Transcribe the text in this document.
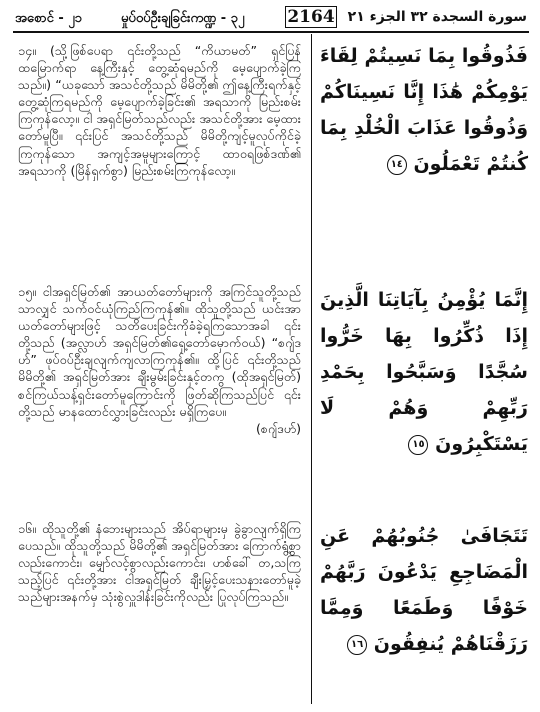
အစောင် - ၂၁	မှုပ်ဝပ်ဦးချခြင်းကဏ္ဍ - ၃၂	2164 سورة السجدة ٣٢ الجزء ٢١

၁၄။ (သို့ဖြစ်ပေရာ ၎င်းတို့သည် “ကိယာမတ်” ရှင်ပြန်ထမြောက်ရာ နေ့ကြီးနှင့် တွေ့ဆုံရမည်ကို မေ့ပျောက်ခဲ့ကြသည်။) “ယခုသော် အသင်တို့သည် မိမိတို့၏ ဤနေ့ကြီးရက်နှင့် တွေ့ဆုံကြရမည်ကို မေ့ပျောက်ခဲ့ခြင်း၏ အရသာကို မြည်းစမ်းကြကုန်လော့။ ငါ အရှင်မြတ်သည်လည်း အသင်တို့အား မေ့ထားတော်မူပြီ။ ၎င်းပြင် အသင်တို့သည် မိမိတို့ကျင့်မူလုပ်ကိုင်ခဲ့ကြကုန်သော အကျင့်အမူများကြောင့် ထာဝရဖြစ်ဒဏ်၏ အရသာကို (မြိန်ရှက်စွာ) မြည်းစမ်းကြကုန်လော့။

၁၅။ ငါအရှင်မြတ်၏ အာယတ်တော်များကို အကြင်သူတို့သည်သာလျှင် သက်ဝင်ယုံကြည်ကြကုန်၏။ ထိုသူတို့သည် ယင်းအာယတ်တော်များဖြင့် သတိပေးခြင်းကိုခံခဲ့ရကြသောအခါ ၎င်းတို့သည် (အလ္လာဟ် အရှင်မြတ်၏ရှေ့တော်မှောက်ဝယ်) “စဂျ်ဒဟ်” ဖုပ်ဝပ်ဦးချလျက်ကျလာကြကုန်၏။ ထို့ပြင် ၎င်းတို့သည် မိမိတို့၏ အရှင်မြတ်အား ချီးမွမ်းခြင်းနှင့်တကွ (ထိုအရှင်မြတ်) စင်ကြယ်သန့်ရှင်းတော်မူကြောင်းကို ဖြတ်ဆိုကြသည်ပြင် ၎င်းတို့သည် မာနထောင်လွှားခြင်းလည်း မရှိကြပေ။

(စဂျ်ဒဟ်)

၁၆။ ထိုသူတို့၏ နံဘေးများသည် အိပ်ရာများမှ ခွဲခွာလျက်ရှိကြပေသည်။ ထိုသူတို့သည် မိမိတို့၏ အရှင်မြတ်အား ကြောက်ရွံ့စွာလည်းကောင်း၊ မျှော်လင့်စွာလည်းကောင်း၊ ဟစ်ခေါ် တ,သကြသည့်ပြင် ၎င်းတို့အား ငါအရှင်မြတ် ချီးမြှင့်ပေးသနားတော်မူခဲ့သည်များအနက်မှ သုံးစွဲလှူဒါန်းခြင်းကိုလည်း ပြုလုပ်ကြသည်။

فَذُوقُوا بِمَا نَسِيتُمْ لِقَاءَ يَوْمِكُمْ هَٰذَا إِنَّا نَسِينَاكُمْ وَذُوقُوا عَذَابَ الْخُلْدِ بِمَا كُنتُمْ تَعْمَلُونَ ١٤
إِنَّمَا يُؤْمِنُ بِآيَاتِنَا الَّذِينَ إِذَا ذُكِّرُوا بِهَا خَرُّوا سُجَّدًا وَسَبَّحُوا بِحَمْدِ رَبِّهِمْ وَهُمْ لَا يَسْتَكْبِرُونَ ١٥
تَتَجَافَىٰ جُنُوبُهُمْ عَنِ الْمَضَاجِعِ يَدْعُونَ رَبَّهُمْ خَوْفًا وَطَمَعًا وَمِمَّا رَزَقْنَاهُمْ يُنفِقُونَ ١٦
